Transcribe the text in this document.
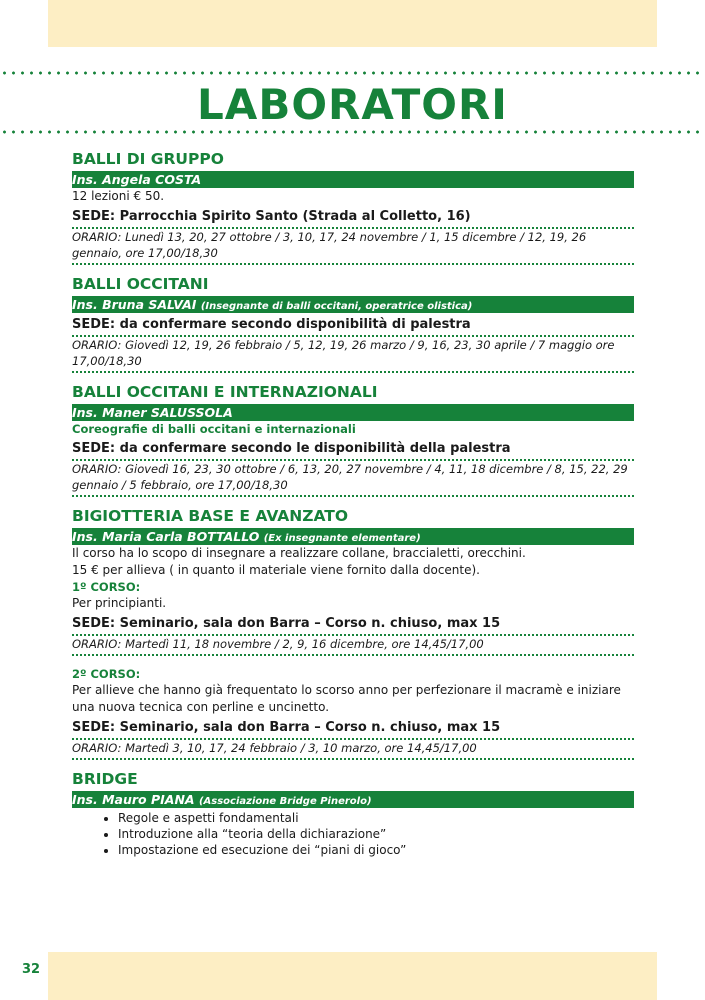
LABORATORI
BALLI DI GRUPPO
Ins. Angela COSTA
12 lezioni € 50.
SEDE: Parrocchia Spirito Santo (Strada al Colletto, 16)
ORARIO: Lunedì 13, 20, 27 ottobre / 3, 10, 17, 24 novembre / 1, 15 dicembre / 12, 19, 26 gennaio, ore 17,00/18,30
BALLI OCCITANI
Ins. Bruna SALVAI (Insegnante di balli occitani, operatrice olistica)
SEDE: da confermare secondo disponibilità di palestra
ORARIO: Giovedì 12, 19, 26 febbraio / 5, 12, 19, 26 marzo / 9, 16, 23, 30 aprile / 7 maggio ore 17,00/18,30
BALLI OCCITANI E INTERNAZIONALI
Ins. Maner SALUSSOLA
Coreografie di balli occitani e internazionali
SEDE: da confermare secondo le disponibilità della palestra
ORARIO: Giovedì 16, 23, 30 ottobre / 6, 13, 20, 27 novembre / 4, 11, 18 dicembre / 8, 15, 22, 29 gennaio / 5 febbraio, ore 17,00/18,30
BIGIOTTERIA BASE E AVANZATO
Ins. Maria Carla BOTTALLO (Ex insegnante elementare)
Il corso ha lo scopo di insegnare a realizzare collane, braccialetti, orecchini.
15 € per allieva ( in quanto il materiale viene fornito dalla docente).
1º CORSO:
Per principianti.
SEDE: Seminario, sala don Barra – Corso n. chiuso, max 15
ORARIO: Martedì 11, 18 novembre / 2, 9, 16 dicembre, ore 14,45/17,00
2º CORSO:
Per allieve che hanno già frequentato lo scorso anno per perfezionare il macramè e iniziare una nuova tecnica con perline e uncinetto.
SEDE: Seminario, sala don Barra – Corso n. chiuso, max 15
ORARIO: Martedì 3, 10, 17, 24 febbraio / 3, 10 marzo, ore 14,45/17,00
BRIDGE
Ins. Mauro PIANA (Associazione Bridge Pinerolo)
• Regole e aspetti fondamentali
• Introduzione alla “teoria della dichiarazione”
• Impostazione ed esecuzione dei “piani di gioco”
32
